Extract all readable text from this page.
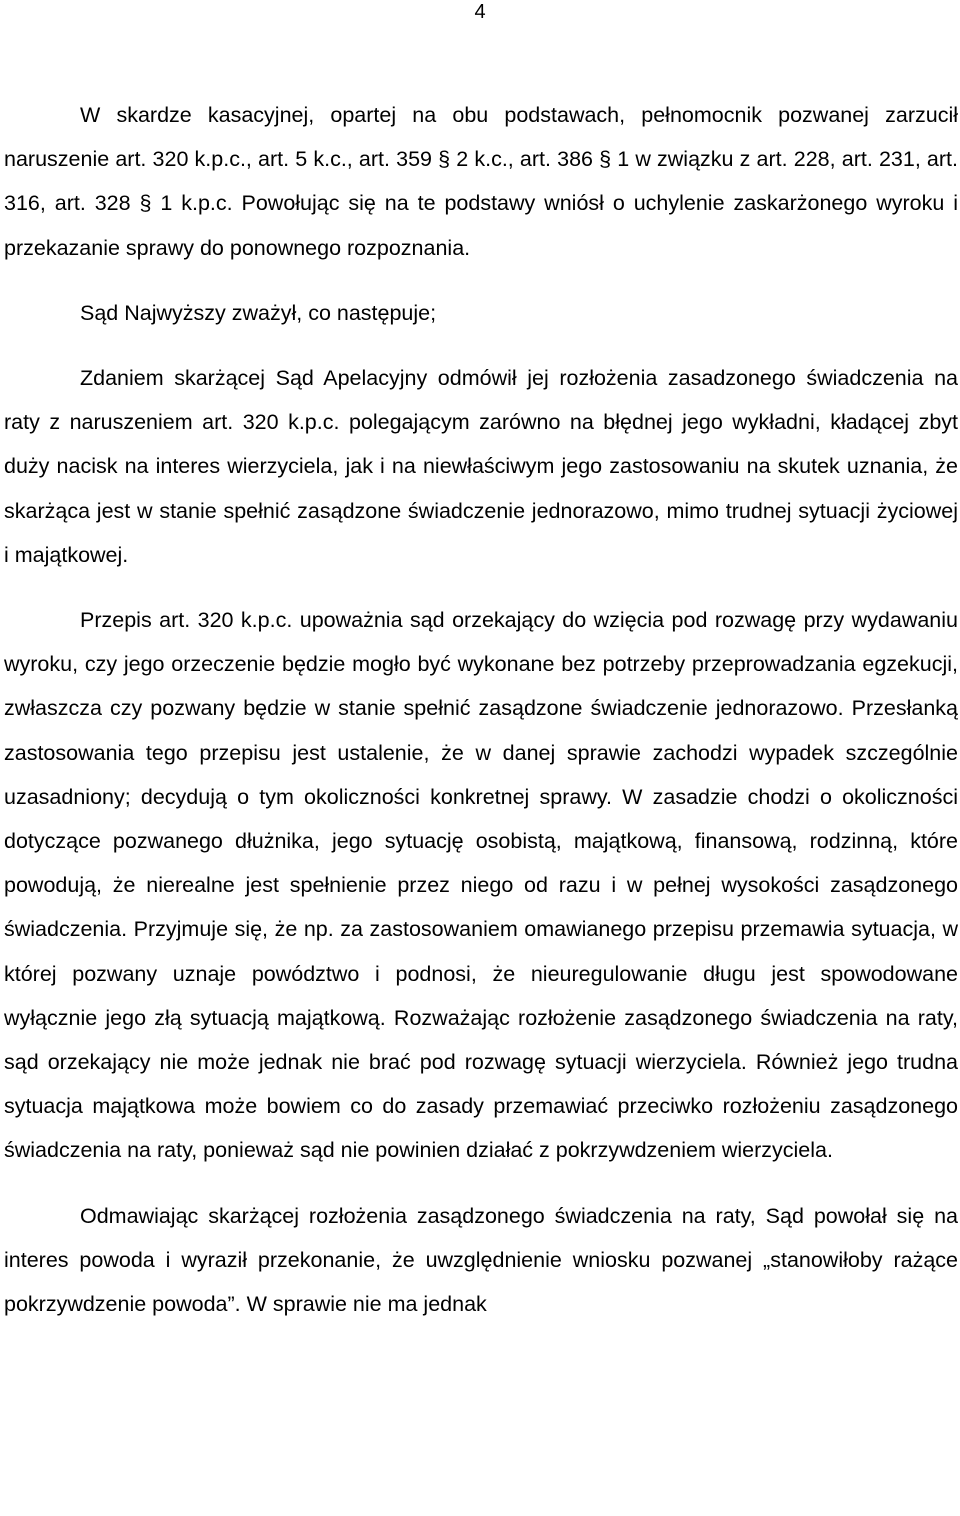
4

W skardze kasacyjnej, opartej na obu podstawach, pełnomocnik pozwanej zarzucił naruszenie art. 320 k.p.c., art. 5 k.c., art. 359 § 2 k.c., art. 386 § 1 w związku z art. 228, art. 231, art. 316, art. 328 § 1 k.p.c. Powołując się na te podstawy wniósł o uchylenie zaskarżonego wyroku i przekazanie sprawy do ponownego rozpoznania.

Sąd Najwyższy zważył, co następuje;

Zdaniem skarżącej Sąd Apelacyjny odmówił jej rozłożenia zasadzonego świadczenia na raty z naruszeniem art. 320 k.p.c. polegającym zarówno na błędnej jego wykładni, kładącej zbyt duży nacisk na interes wierzyciela, jak i na niewłaściwym jego zastosowaniu na skutek uznania, że skarżąca jest w stanie spełnić zasądzone świadczenie jednorazowo, mimo trudnej sytuacji życiowej i majątkowej.

Przepis art. 320 k.p.c. upoważnia sąd orzekający do wzięcia pod rozwagę przy wydawaniu wyroku, czy jego orzeczenie będzie mogło być wykonane bez potrzeby przeprowadzania egzekucji, zwłaszcza czy pozwany będzie w stanie spełnić zasądzone świadczenie jednorazowo. Przesłanką zastosowania tego przepisu jest ustalenie, że w danej sprawie zachodzi wypadek szczególnie uzasadniony; decydują o tym okoliczności konkretnej sprawy. W zasadzie chodzi o okoliczności dotyczące pozwanego dłużnika, jego sytuację osobistą, majątkową, finansową, rodzinną, które powodują, że nierealne jest spełnienie przez niego od razu i w pełnej wysokości zasądzonego świadczenia. Przyjmuje się, że np. za zastosowaniem omawianego przepisu przemawia sytuacja, w której pozwany uznaje powództwo i podnosi, że nieuregulowanie długu jest spowodowane wyłącznie jego złą sytuacją majątkową. Rozważając rozłożenie zasądzonego świadczenia na raty, sąd orzekający nie może jednak nie brać pod rozwagę sytuacji wierzyciela. Również jego trudna sytuacja majątkowa może bowiem co do zasady przemawiać przeciwko rozłożeniu zasądzonego świadczenia na raty, ponieważ sąd nie powinien działać z pokrzywdzeniem wierzyciela.

Odmawiając skarżącej rozłożenia zasądzonego świadczenia na raty, Sąd powołał się na interes powoda i wyraził przekonanie, że uwzględnienie wniosku pozwanej „stanowiłoby rażące pokrzywdzenie powoda”. W sprawie nie ma jednak
